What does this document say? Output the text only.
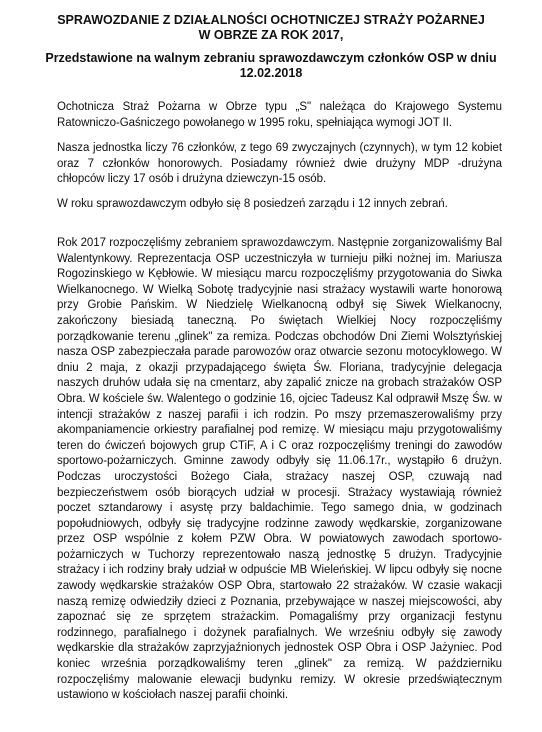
SPRAWOZDANIE Z DZIAŁALNOŚCI OCHOTNICZEJ STRAŻY POŻARNEJ
W OBRZE ZA ROK 2017,

Przedstawione na walnym zebraniu sprawozdawczym członków OSP w dniu
12.02.2018

Ochotnicza Straż Pożarna w Obrze typu „S" należąca do Krajowego Systemu Ratowniczo-Gaśniczego powołanego w 1995 roku, spełniająca wymogi JOT II.

Nasza jednostka liczy 76 członków, z tego 69 zwyczajnych (czynnych), w tym 12 kobiet oraz 7 członków honorowych. Posiadamy również dwie drużyny MDP -drużyna chłopców liczy 17 osób i drużyna dziewczyn-15 osób.

W roku sprawozdawczym odbyło się 8 posiedzeń zarządu i 12 innych zebrań.

Rok 2017 rozpoczęliśmy zebraniem sprawozdawczym. Następnie zorganizowaliśmy Bal Walentynkowy. Reprezentacja OSP uczestniczyła w turnieju piłki nożnej im. Mariusza Rogozinskiego w Kębłowie. W miesiącu marcu rozpoczęliśmy przygotowania do Siwka Wielkanocnego. W Wielką Sobotę tradycyjnie nasi strażacy wystawili warte honorową przy Grobie Pańskim. W Niedzielę Wielkanocną odbył się Siwek Wielkanocny, zakończony biesiadą taneczną. Po świętach Wielkiej Nocy rozpoczęliśmy porządkowanie terenu „glinek" za remiza. Podczas obchodów Dni Ziemi Wolsztyńskiej nasza OSP zabezpieczała parade parowozów oraz otwarcie sezonu motocyklowego. W dniu 2 maja, z okazji przypadającego święta Św. Floriana, tradycyjnie delegacja naszych druhów udała się na cmentarz, aby zapalić znicze na grobach strażaków OSP Obra. W kościele św. Walentego o godzinie 16, ojciec Tadeusz Kal odprawił Mszę Św. w intencji strażaków z naszej parafii i ich rodzin. Po mszy przemaszerowaliśmy przy akompaniamencie orkiestry parafialnej pod remizę. W miesiącu maju przygotowaliśmy teren do ćwiczeń bojowych grup CTiF, A i C oraz rozpoczęliśmy treningi do zawodów sportowo-pożarniczych. Gminne zawody odbyły się 11.06.17r., wystąpiło 6 drużyn. Podczas uroczystości Bożego Ciała, strażacy naszej OSP, czuwają nad bezpieczeństwem osób biorących udział w procesji. Strażacy wystawiają również poczet sztandarowy i asystę przy baldachimie. Tego samego dnia, w godzinach popołudniowych, odbyły się tradycyjne rodzinne zawody wędkarskie, zorganizowane przez OSP wspólnie z kołem PZW Obra. W powiatowych zawodach sportowo-pożarniczych w Tuchorzy reprezentowało naszą jednostkę 5 drużyn. Tradycyjnie strażacy i ich rodziny brały udział w odpuście MB Wieleńskiej. W lipcu odbyły się nocne zawody wędkarskie strażaków OSP Obra, startowało 22 strażaków. W czasie wakacji naszą remizę odwiedziły dzieci z Poznania, przebywające w naszej miejscowości, aby zapoznać się ze sprzętem strażackim. Pomagaliśmy przy organizacji festynu rodzinnego, parafialnego i dożynek parafialnych. We wrześniu odbyły się zawody wędkarskie dla strażaków zaprzyjaźnionych jednostek OSP Obra i OSP Jażyniec. Pod koniec września porządkowaliśmy teren „glinek" za remizą. W październiku rozpoczęliśmy malowanie elewacji budynku remizy. W okresie przedświątecznym ustawiono w kościołach naszej parafii choinki.
